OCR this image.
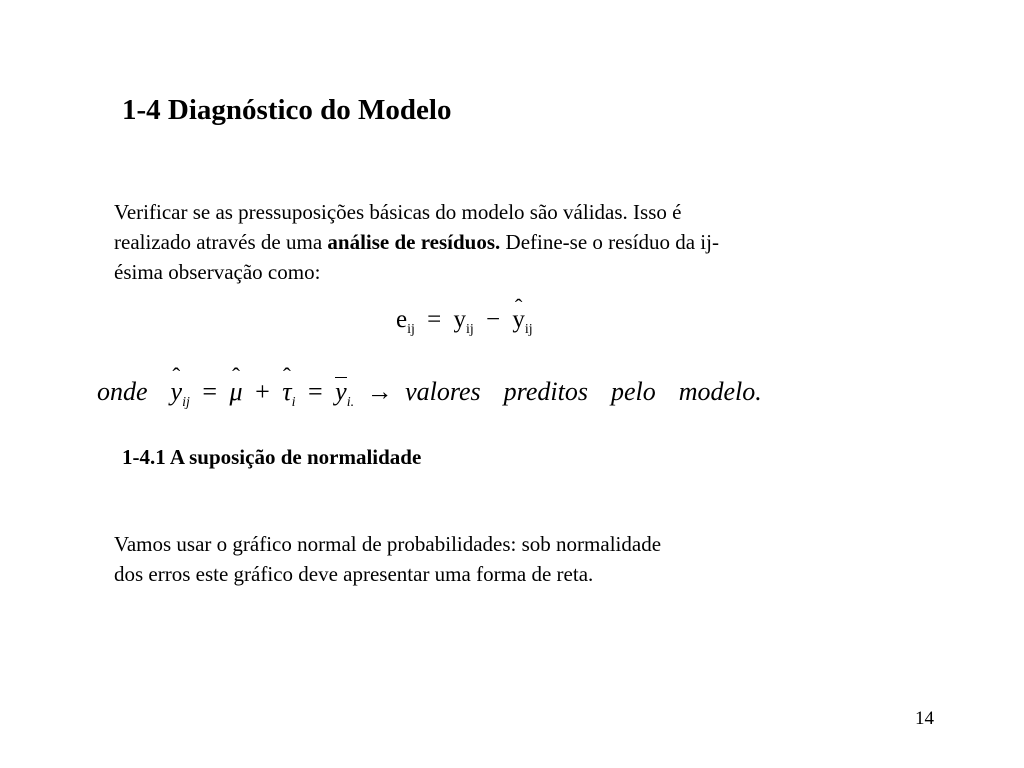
1-4 Diagnóstico do Modelo

Verificar se as pressuposições básicas do modelo são válidas. Isso é
realizado através de uma análise de resíduos. Define-se o resíduo da ij-
ésima observação como:

$e_{ij} = y_{ij}$ − ˆ $y_{ij}$
onde ˆ $y_{ij}$ = ˆ μ + ˆ $\tau_i = y_{i.}$ → valores preditos pelo modelo.
1-4.1 A suposição de normalidade

Vamos usar o gráfico normal de probabilidades: sob normalidade
dos erros este gráfico deve apresentar uma forma de reta.

14
